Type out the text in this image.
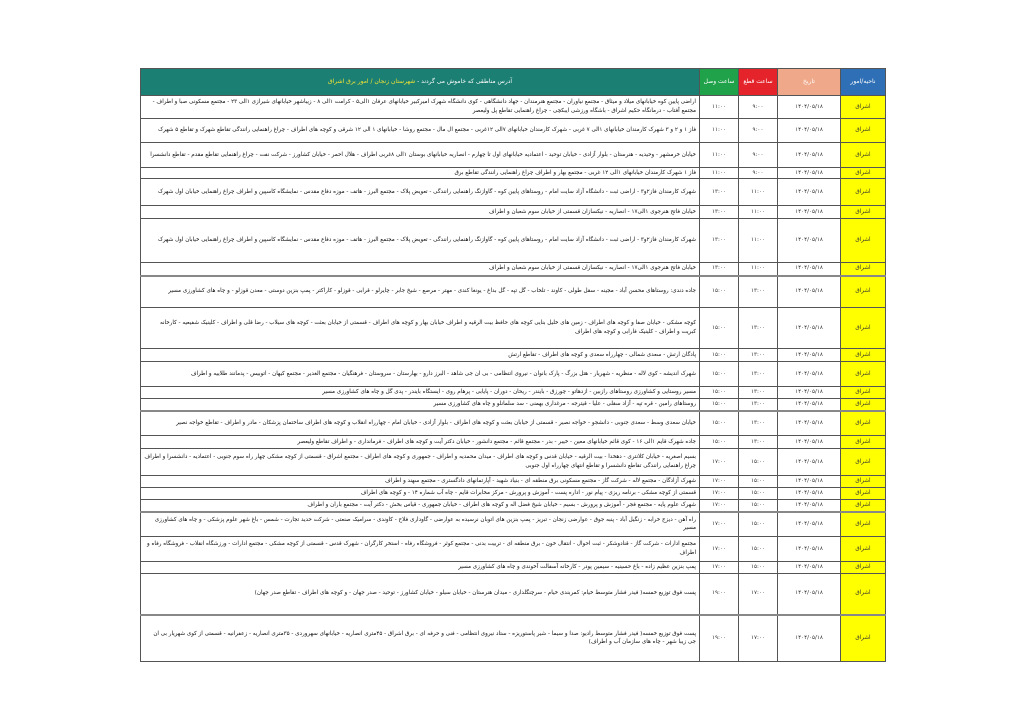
ناحیه/امور	تاریخ	ساعت قطع	ساعت وصل	آدرس مناطقی که خاموش می گردند - شهرستان زنجان / امور برق اشراق
اشراق	۱۴۰۴/۰۵/۱۸	۹:۰۰	۱۱:۰۰	اراضی پایین کوه خیابانهای میلاد و میثاق - مجتمع نیاوران - مجتمع هنرمندان - جهاد دانشگاهی - کوی دانشگاه شهرک امیرکبیر خیابانهای عرفان ۱الی۵ - کرامت ۱الی ۸ - زیباشهر خیابانهای شیرازی ۱الی ۲۳ - مجتمع مسکونی صبا و اطراف - مجتمع آفتاب - درمانگاه حکیم اشراق - باشگاه ورزشی ایبکچی - چراغ راهنمایی تقاطع پل ولیعصر
اشراق	۱۴۰۴/۰۵/۱۸	۹:۰۰	۱۱:۰۰	فاز ۱ و ۲ و ۳ شهرک کارمندان خیابانهای ۱الی ۷ غربی - شهرک کارمندان خیابانهای ۷الی ۱۲غربی - مجتمع ال مال - مجتمع روشا - خیابانهای ۱ الی ۱۲ شرقی و کوچه های اطراف - چراغ راهنمایی رانندگی تقاطع شهرک و تقاطع ۵ شهرک
اشراق	۱۴۰۴/۰۵/۱۸	۹:۰۰	۱۱:۰۰	خیابان خرمشهر - وحیدیه - هنرستان - بلوار آزادی - خیابان توحید - اعتمادیه خیابانهای اول تا چهارم - انصاریه خیابانهای بوستان ۱الی ۸غربی اطراف - هلال احمر - خیابان کشاورز - شرکت نفت - چراغ راهنمایی تقاطع مقدم - تقاطع دانشسرا
اشراق	۱۴۰۴/۰۵/۱۸	۹:۰۰	۱۱:۰۰	فاز ۱ شهرک کارمندان خیابانهای ۱الی ۱۲ غربی - مجتمع بهار و اطراف چراغ راهنمایی رانندگی تقاطع برق
اشراق	۱۴۰۴/۰۵/۱۸	۱۱:۰۰	۱۳:۰۰	شهرک کارمندان فاز۲و۳ - اراضی ثبت - دانشگاه آزاد سایت امام - روستاهای پایین کوه - گاوازنگ راهنمایی رانندگی - تعویض پلاک - مجتمع البرز - هاتف - موزه دفاع مقدس - نمایشگاه کاسپین و اطراف چراغ راهنمایی خیابان اول شهرک
اشراق	۱۴۰۴/۰۵/۱۸	۱۱:۰۰	۱۳:۰۰	خیابان فاتح هنرجوی ۱الی۱۷ - انصاریه - نیکسازان قسمتی از خیابان سوم شعبان و اطراف
اشراق	۱۴۰۴/۰۵/۱۸	۱۱:۰۰	۱۳:۰۰	شهرک کارمندان فاز۲و۳ - اراضی ثبت - دانشگاه آزاد سایت امام - روستاهای پایین کوه - گاوازنگ راهنمایی رانندگی - تعویض پلاک - مجتمع البرز - هاتف - موزه دفاع مقدس - نمایشگاه کاسپین و اطراف چراغ راهنمایی خیابان اول شهرک
اشراق	۱۴۰۴/۰۵/۱۸	۱۱:۰۰	۱۳:۰۰	خیابان فاتح هنرجوی ۱الی۱۷ - انصاریه - نیکسازان قسمتی از خیابان سوم شعبان و اطراف
اشراق	۱۴۰۴/۰۵/۱۸	۱۳:۰۰	۱۵:۰۰	جاده دندی: روستاهای محسن آباد - مجینه - سقل طولی - کاوند - تلخاب - گل تپه - گل بداغ - یونغا کندی - مهتر - مرصع - شیخ جابر - چایرلو - قرابی - قوزلو - کاراکتر - پمپ بنزین دوستی - معدن قوزلو - و چاه های کشاورزی مسیر
اشراق	۱۴۰۴/۰۵/۱۸	۱۳:۰۰	۱۵:۰۰	کوچه مشکی - خیابان صفا و کوچه های اطراف - زمین های خلیل بنایی کوچه های حافظ بیت الرقیه و اطراف خیابان بهار و کوچه های اطراف - قسمتی از خیابان بعثت - کوچه های سیلاب - رضا قلی و اطراف - کلینیک شفیعیه - کارخانه کبریت و اطراف - کلینیک فارابی و کوچه های اطراف
اشراق	۱۴۰۴/۰۵/۱۸	۱۳:۰۰	۱۵:۰۰	پادگان ارتش - سعدی شمالی - چهارراه سعدی و کوچه های اطراف - تقاطع ارتش
اشراق	۱۴۰۴/۰۵/۱۸	۱۳:۰۰	۱۵:۰۰	شهرک اندیشه - کوی لاله - منظریه - شهریار - هتل بزرگ - پارک بانوان - نیروی انتظامی - بی ان جی شاهد - البرز دارو - بهارستان - سروستان - فرهنگیان - مجتمع الغدیر - مجتمع کیهان - اتوبیس - پدمانند طلاییه و اطراف
اشراق	۱۴۰۴/۰۵/۱۸	۱۳:۰۰	۱۵:۰۰	مسیر روستایی و کشاورزی روستاهای رازبین - ازدهاتو - چورزق - بایندر - ریحان - دوران - پایابی - پرهام روی - ایستگاه بایندر - پدی گل و چاه های کشاورزی مسیر
اشراق	۱۴۰۴/۰۵/۱۸	۱۳:۰۰	۱۵:۰۰	روستاهای رامین - قره تپه - آزاد سقلی - علیا - قیترجه - مرغداری بهمنی - سد سلمانلو و چاه های کشاورزی مسیر
اشراق	۱۴۰۴/۰۵/۱۸	۱۳:۰۰	۱۵:۰۰	خیابان سعدی وسط - سعدی جنوبی - دانشجو - خواجه نصیر - قسمتی از خیابان بعثت و کوچه های اطراف - بلوار آزادی - خیابان امام - چهارراه انقلاب و کوچه های اطراف ساختمان پزشکان - مادر و اطراف - تقاطع خواجه نصیر
اشراق	۱۴۰۴/۰۵/۱۸	۱۳:۰۰	۱۵:۰۰	جاده شهرک قایم ۱الی ۱۶ - کوی قائم خیابانهای معین - خیبر - بدر - مجتمع قائم - مجتمع دانشور - خیابان دکتر آیت و کوچه های اطراف - فرمانداری - و اطراف تقاطع ولیعصر
اشراق	۱۴۰۴/۰۵/۱۸	۱۵:۰۰	۱۷:۰۰	بسیم اصغریه - خیابان کلانتری - دهخدا - بیت الرقیه - خیابان قدس و کوچه های اطراف - میدان محمدیه و اطراف - جمهوری و کوچه های اطراف - مجتمع اشراق - قسمتی از کوچه مشکی چهار راه سوم جنوبی - اعتمادیه - دانشسرا و اطراف چراغ راهنمایی رانندگی تقاطع دانشسرا و تقاطع انتهای چهارراه اول جنوبی
اشراق	۱۴۰۴/۰۵/۱۸	۱۵:۰۰	۱۷:۰۰	شهرک آزادگان - مجتمع لاله - شرکت گاز - مجتمع مسکونی برق منطقه ای - بنیاد شهید - آپارتمانهای دادگستری - مجتمع سهند و اطراف
اشراق	۱۴۰۴/۰۵/۱۸	۱۵:۰۰	۱۷:۰۰	قسمتی از کوچه مشکی - برنامه ریزی - پیام نور - اداره پست - آموزش و پرورش - مرکز مخابرات قایم - چاه آب شماره ۱۴ - و کوچه های اطراف
اشراق	۱۴۰۴/۰۵/۱۸	۱۵:۰۰	۱۷:۰۰	شهرک علوم پایه - مجتمع فجر - آموزش و پرورش - بسیم - خیابان شیخ فضل اله و کوچه های اطراف - خیابان جمهوری - قیاس بخش - دکتر آیت - مجتمع باران و اطراف
اشراق	۱۴۰۴/۰۵/۱۸	۱۵:۰۰	۱۷:۰۰	راه آهن - دیزج خرابه - زنگیل آباد - پنبه جوق - عوارضی زنجان - تبریز - پمپ بنزین های اتوبان نرسیده به عوارضی - گاوداری فلاح - کاوندی - سرامیک صنعتی - شرکت حدید تجارت - شمس - باغ شهر علوم پزشکی - و چاه های کشاورزی مسیر
اشراق	۱۴۰۴/۰۵/۱۸	۱۵:۰۰	۱۷:۰۰	مجتمع ادارات - شرکت گاز - قنادوشکر - ثبت احوال - انتقال خون - برق منطقه ای - تربیت بدنی - مجتمع کوثر - فروشگاه رفاه - استخر کارگران - شهرک قدس - قسمتی از کوچه مشکی - مجتمع ادارات - ورزشگاه انقلاب - فروشگاه رفاه و اطراف
اشراق	۱۴۰۴/۰۵/۱۸	۱۵:۰۰	۱۷:۰۰	پمپ بنزین عظیم زاده - باغ حسینیه - سیمین پودر - کارخانه آسفالت آخوندی و چاه های کشاورزی مسیر
اشراق	۱۴۰۴/۰۵/۱۸	۱۷:۰۰	۱۹:۰۰	پست فوق توزیع خمسه( فیدر فشار متوسط خیام: کمربندی خیام - سرچنگلداری - میدان هنرستان - خیابان سیلو - خیابان کشاورز - توحید - صدر جهان - و کوچه های اطراف - تقاطع صدر جهان)
اشراق	۱۴۰۴/۰۵/۱۸	۱۷:۰۰	۱۹:۰۰	پست فوق توزیع خمسه( فیدر فشار متوسط رادیو: صدا و سیما - شیر پاستوریزه - ستاد نیروی انتظامی - فنی و حرفه ای - برق اشراق - ۴۵متری انصاریه - خیابانهای سهروردی - ۳۵متری انصاریه - زعفرانیه - قسمتی از کوی شهریار بی ان جی زیبا شهر - چاه های سازمان آب و اطراف)
